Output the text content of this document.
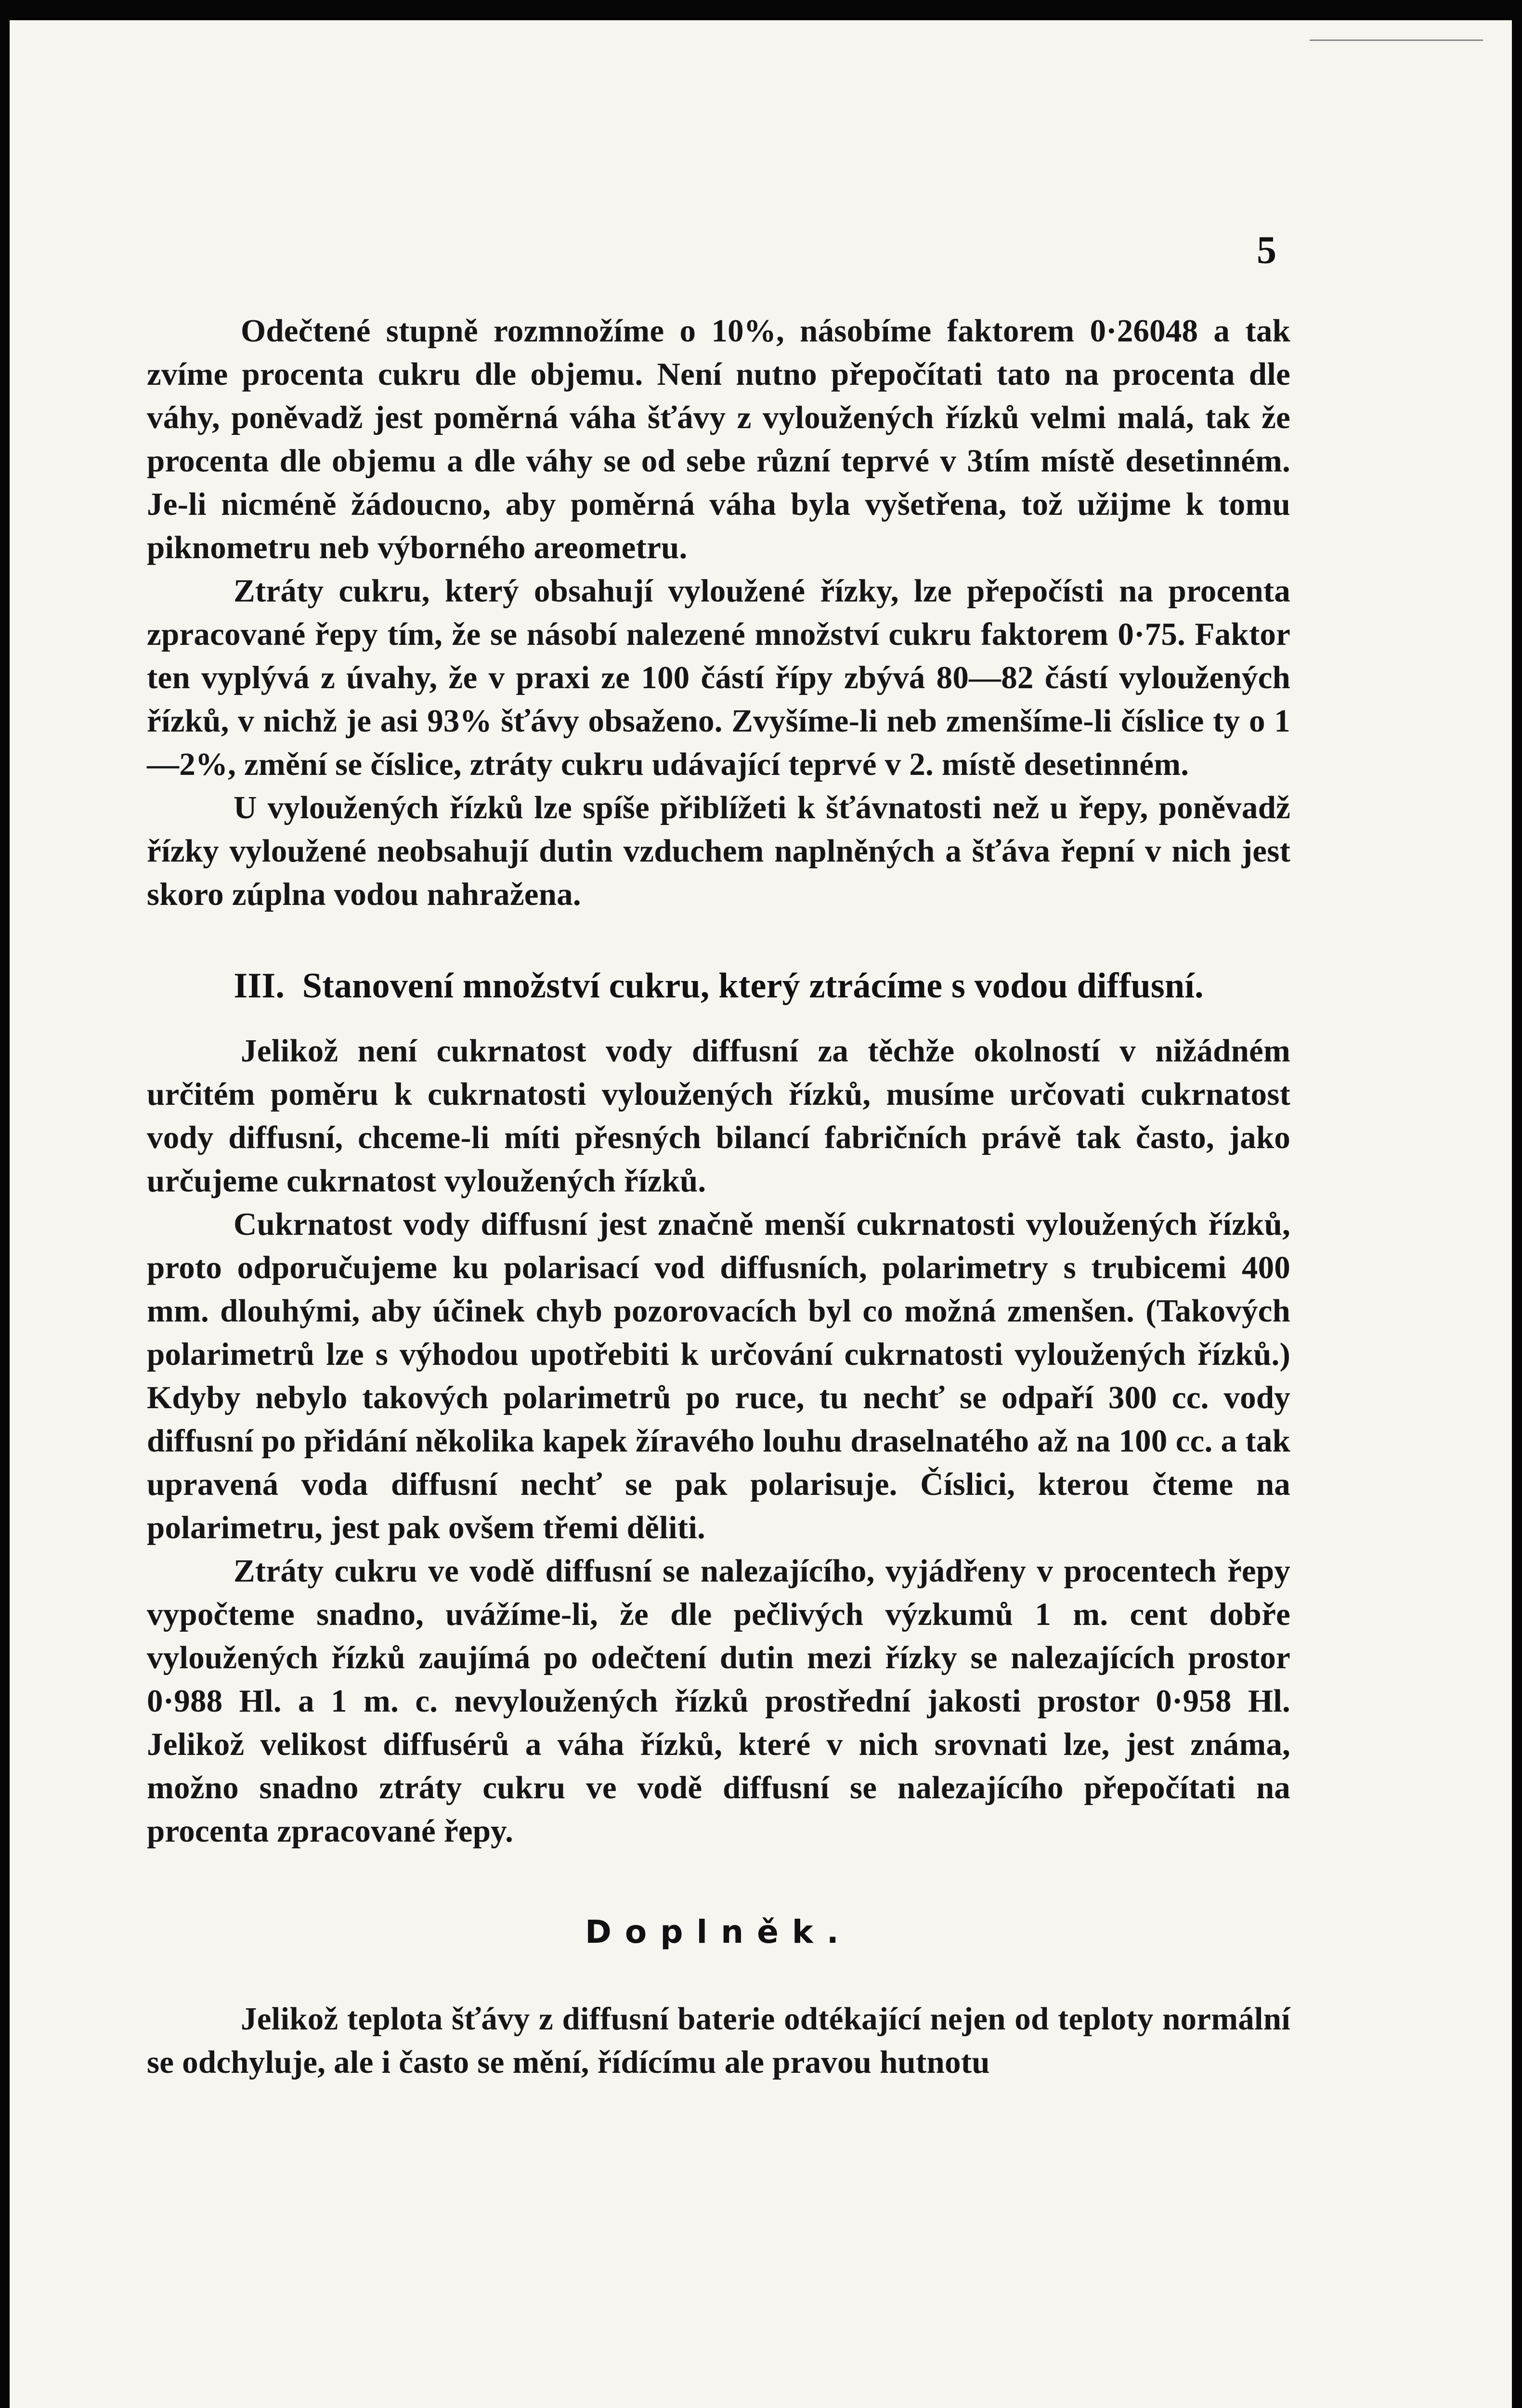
5

Odečtené stupně rozmnožíme o 10%, násobíme faktorem 0·26048 a tak zvíme procenta cukru dle objemu. Není nutno přepočítati tato na procenta dle váhy, poněvadž jest poměrná váha šťávy z vyloužených řízků velmi malá, tak že procenta dle objemu a dle váhy se od sebe různí teprvé v 3tím místě desetinném. Je-li nicméně žádoucno, aby poměrná váha byla vyšetřena, tož užijme k tomu piknometru neb výborného areometru.

Ztráty cukru, který obsahují vyloužené řízky, lze přepočísti na procenta zpracované řepy tím, že se násobí nalezené množství cukru faktorem 0·75. Faktor ten vyplývá z úvahy, že v praxi ze 100 částí řípy zbývá 80—82 částí vyloužených řízků, v nichž je asi 93% šťávy obsaženo. Zvyšíme-li neb zmenšíme-li číslice ty o 1—2%, změní se číslice, ztráty cukru udávající teprvé v 2. místě desetinném.

U vyloužených řízků lze spíše přiblížeti k šťávnatosti než u řepy, poněvadž řízky vyloužené neobsahují dutin vzduchem naplněných a šťáva řepní v nich jest skoro zúplna vodou nahražena.

III. Stanovení množství cukru, který ztrácíme s vodou diffusní.

Jelikož není cukrnatost vody diffusní za těchže okolností v nižádném určitém poměru k cukrnatosti vyloužených řízků, musíme určovati cukrnatost vody diffusní, chceme-li míti přesných bilancí fabričních právě tak často, jako určujeme cukrnatost vyloužených řízků.

Cukrnatost vody diffusní jest značně menší cukrnatosti vyloužených řízků, proto odporučujeme ku polarisací vod diffusních, polarimetry s trubicemi 400 mm. dlouhými, aby účinek chyb pozorovacích byl co možná zmenšen. (Takových polarimetrů lze s výhodou upotřebiti k určování cukrnatosti vyloužených řízků.) Kdyby nebylo takových polarimetrů po ruce, tu nechť se odpaří 300 cc. vody diffusní po přidání několika kapek žíravého louhu draselnatého až na 100 cc. a tak upravená voda diffusní nechť se pak polarisuje. Číslici, kterou čteme na polarimetru, jest pak ovšem třemi děliti.

Ztráty cukru ve vodě diffusní se nalezajícího, vyjádřeny v procentech řepy vypočteme snadno, uvážíme-li, že dle pečlivých výzkumů 1 m. cent dobře vyloužených řízků zaujímá po odečtení dutin mezi řízky se nalezajících prostor 0·988 Hl. a 1 m. c. nevyloužených řízků prostřední jakosti prostor 0·958 Hl. Jelikož velikost diffusérů a váha řízků, které v nich srovnati lze, jest známa, možno snadno ztráty cukru ve vodě diffusní se nalezajícího přepočítati na procenta zpracované řepy.

Doplněk.

Jelikož teplota šťávy z diffusní baterie odtékající nejen od teploty normální se odchyluje, ale i často se mění, řídícímu ale pravou hutnotu
